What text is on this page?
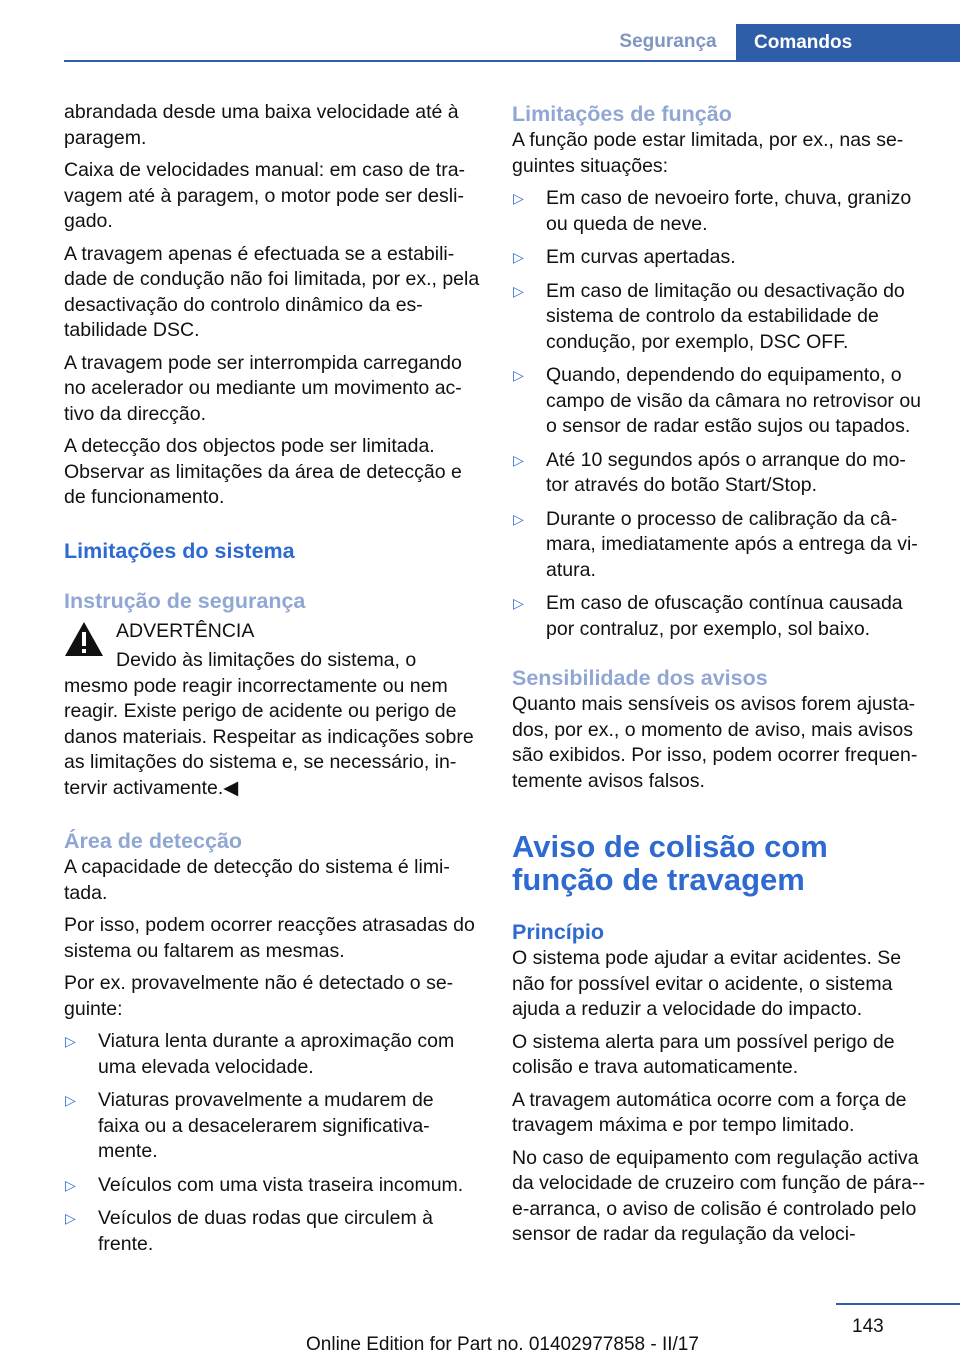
Segurança	Comandos

abrandada desde uma baixa velocidade até à paragem.

Caixa de velocidades manual: em caso de tra-vagem até à paragem, o motor pode ser desli-gado.

A travagem apenas é efectuada se a estabili-dade de condução não foi limitada, por ex., pela desactivação do controlo dinâmico da es-tabilidade DSC.

A travagem pode ser interrompida carregando no acelerador ou mediante um movimento ac-tivo da direcção.

A detecção dos objectos pode ser limitada. Observar as limitações da área de detecção e de funcionamento.

Limitações do sistema
Instrução de segurança
ADVERTÊNCIA
Devido às limitações do sistema, o
mesmo pode reagir incorrectamente ou nem reagir. Existe perigo de acidente ou perigo de danos materiais. Respeitar as indicações sobre as limitações do sistema e, se necessário, in-tervir activamente.◀
Área de detecção

A capacidade de detecção do sistema é limi-tada.

Por isso, podem ocorrer reacções atrasadas do sistema ou faltarem as mesmas.

Por ex. provavelmente não é detectado o se-guinte:

▷ Viatura lenta durante a aproximação com uma elevada velocidade.
▷ Viaturas provavelmente a mudarem de faixa ou a desacelerarem significativa-mente.
▷ Veículos com uma vista traseira incomum.
▷ Veículos de duas rodas que circulem à frente.
Limitações de função

A função pode estar limitada, por ex., nas se-guintes situações:

▷ Em caso de nevoeiro forte, chuva, granizo ou queda de neve.
▷ Em curvas apertadas.
▷ Em caso de limitação ou desactivação do sistema de controlo da estabilidade de condução, por exemplo, DSC OFF.
▷ Quando, dependendo do equipamento, o campo de visão da câmara no retrovisor ou o sensor de radar estão sujos ou tapados.
▷ Até 10 segundos após o arranque do mo-tor através do botão Start/Stop.
▷ Durante o processo de calibração da câ-mara, imediatamente após a entrega da vi-atura.
▷ Em caso de ofuscação contínua causada por contraluz, por exemplo, sol baixo.
Sensibilidade dos avisos

Quanto mais sensíveis os avisos forem ajusta-dos, por ex., o momento de aviso, mais avisos são exibidos. Por isso, podem ocorrer frequen-temente avisos falsos.

Aviso de colisão com função de travagem
Princípio

O sistema pode ajudar a evitar acidentes. Se não for possível evitar o acidente, o sistema ajuda a reduzir a velocidade do impacto.

O sistema alerta para um possível perigo de colisão e trava automaticamente.

A travagem automática ocorre com a força de travagem máxima e por tempo limitado.

No caso de equipamento com regulação activa da velocidade de cruzeiro com função de pára--e-arranca, o aviso de colisão é controlado pelo sensor de radar da regulação da veloci-

143
Online Edition for Part no. 01402977858 - II/17
